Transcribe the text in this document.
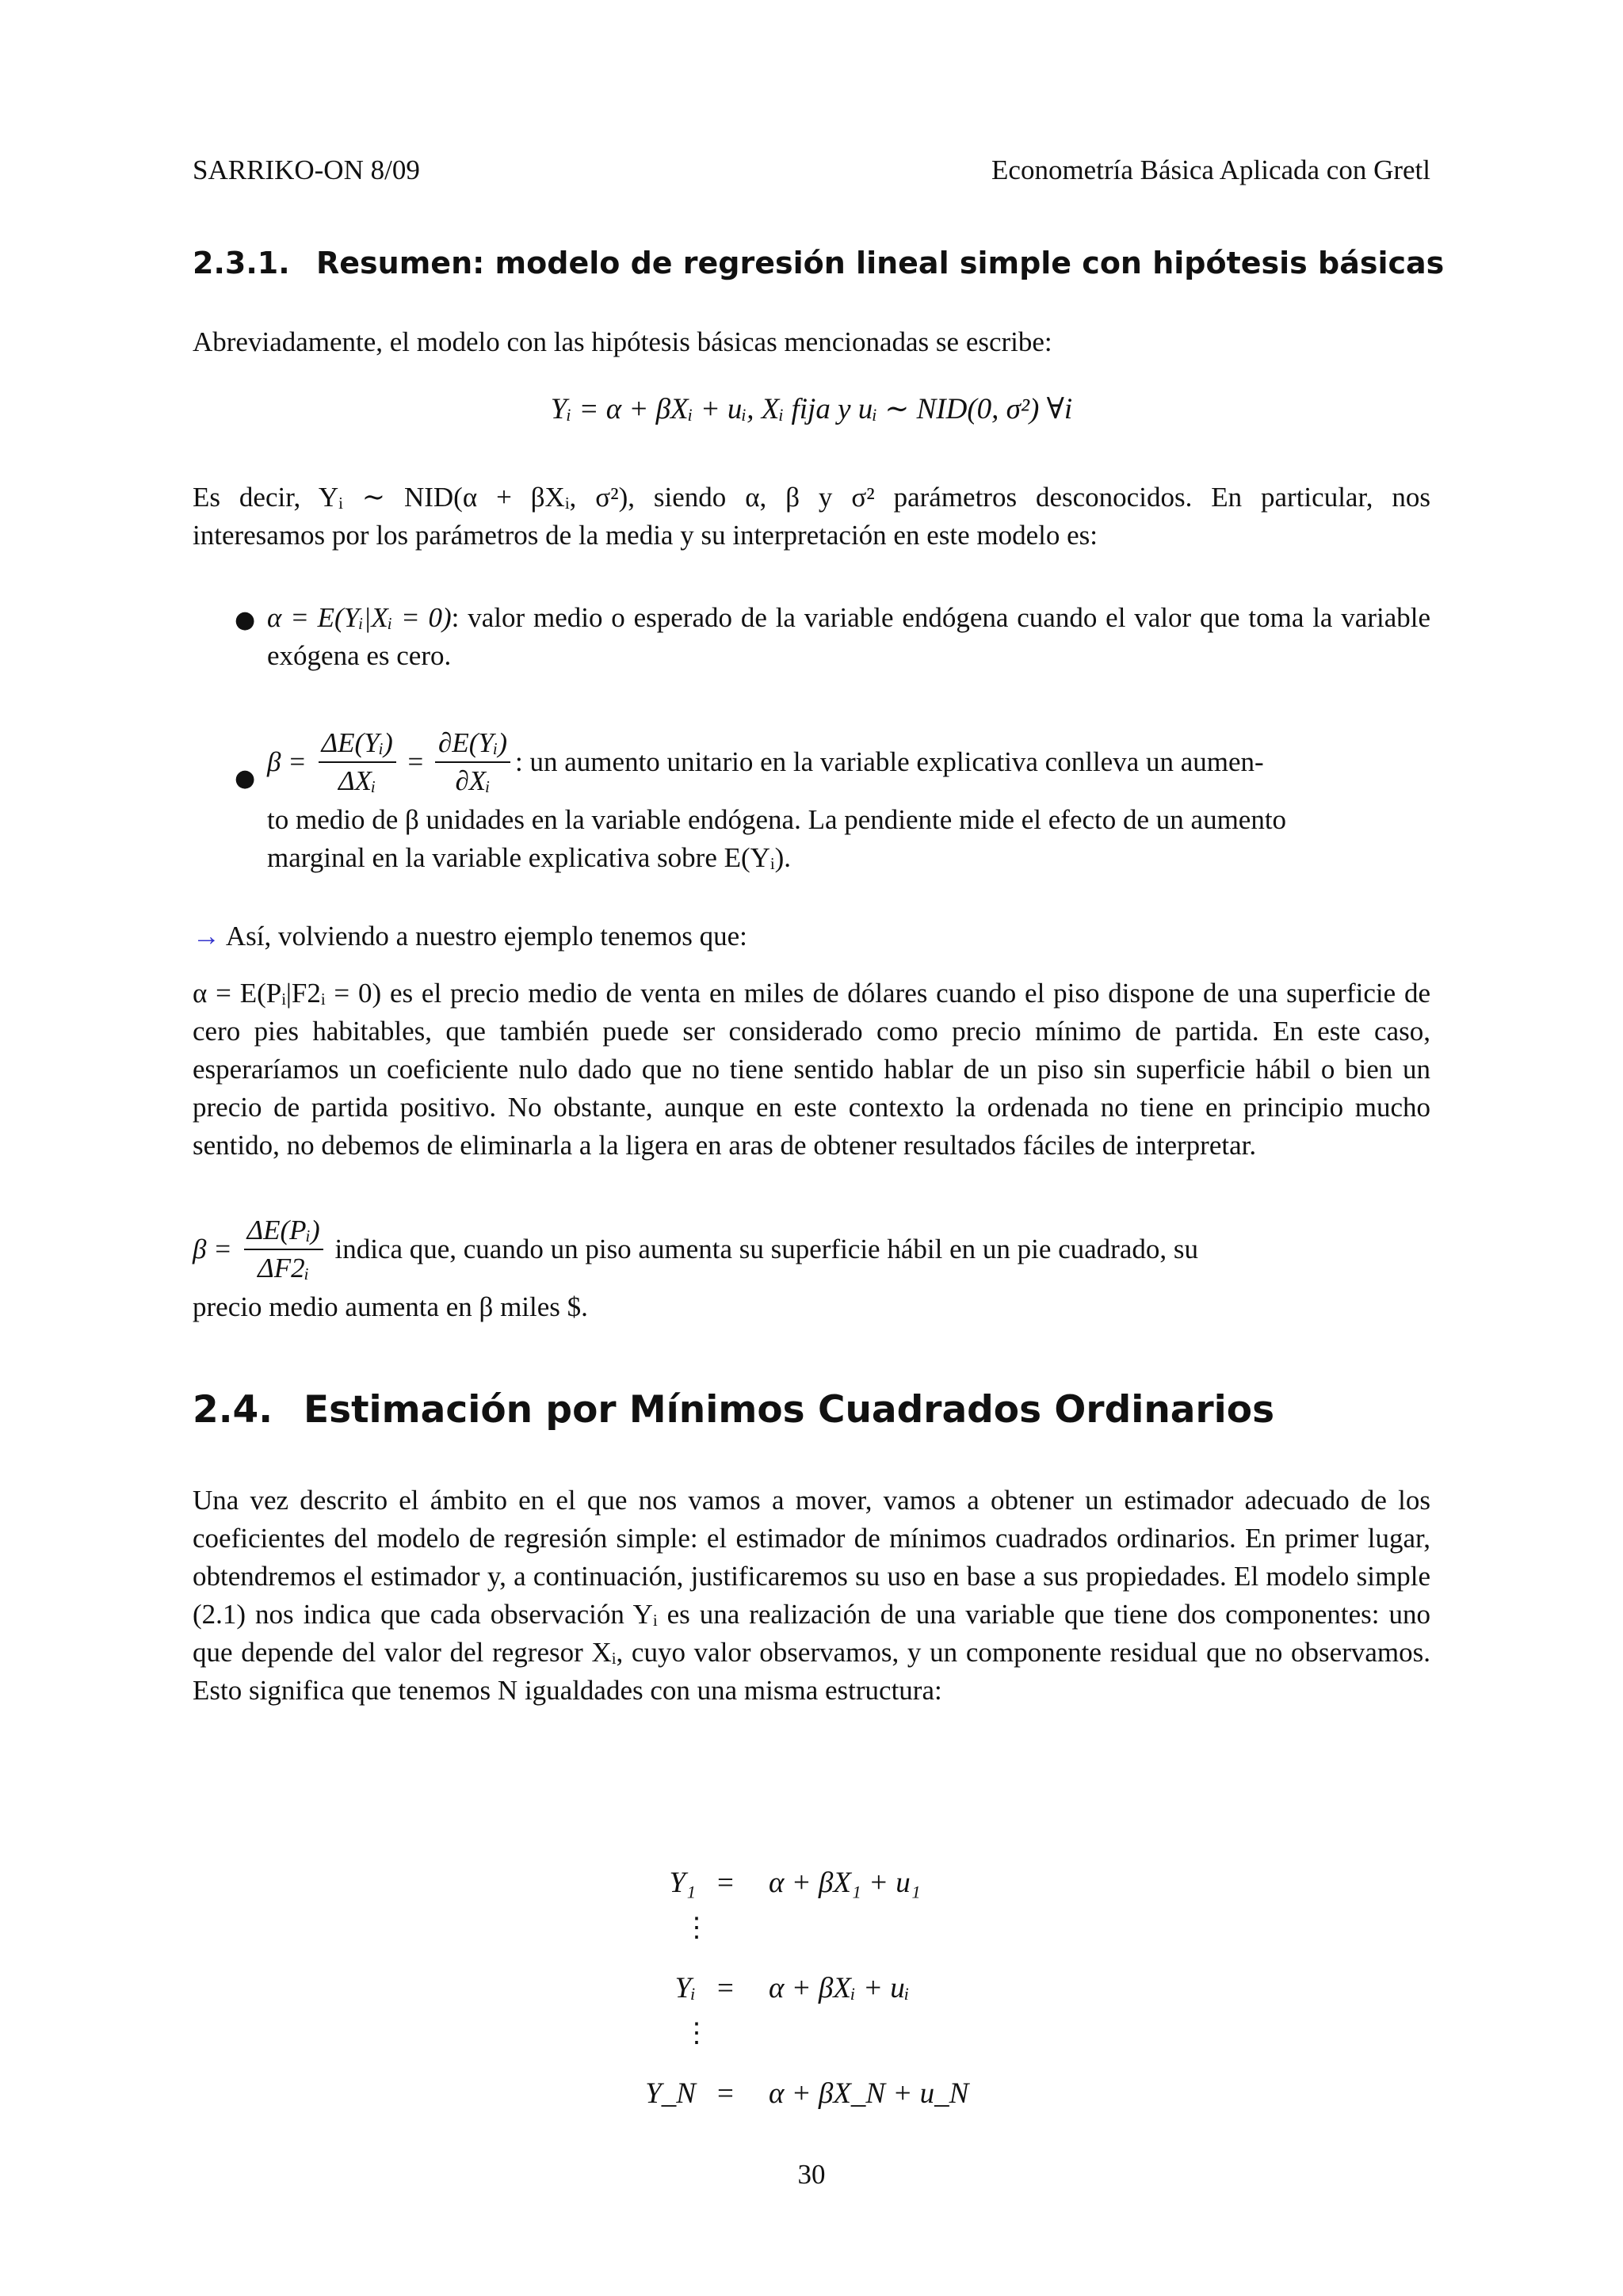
SARRIKO-ON 8/09	Econometría Básica Aplicada con Gretl
2.3.1. Resumen: modelo de regresión lineal simple con hipótesis básicas
Abreviadamente, el modelo con las hipótesis básicas mencionadas se escribe:
Yᵢ = α + βXᵢ + uᵢ, Xᵢ fija y uᵢ ∼ NID(0, σ²) ∀i
Es decir, Yᵢ ∼ NID(α + βXᵢ, σ²), siendo α, β y σ² parámetros desconocidos. En particular, nos
interesamos por los parámetros de la media y su interpretación en este modelo es:
● α = E(Yᵢ|Xᵢ = 0): valor medio o esperado de la variable endógena cuando el valor que toma la variable exógena es cero.
● $\beta = \frac{\text{ΔE(Yᵢ)}}{\text{ΔXᵢ}} = \frac{\text{∂E(Yᵢ)}}{\text{∂Xᵢ}}$ : un aumento unitario en la variable explicativa conlleva un aumen-
to medio de β unidades en la variable endógena. La pendiente mide el efecto de un aumento
marginal en la variable explicativa sobre E(Yᵢ).
→ Así, volviendo a nuestro ejemplo tenemos que:
α = E(Pᵢ|F2ᵢ = 0) es el precio medio de venta en miles de dólares cuando el piso dispone de una superficie de cero pies habitables, que también puede ser considerado como precio mínimo de partida. En este caso, esperaríamos un coeficiente nulo dado que no tiene sentido hablar de un piso sin superficie hábil o bien un precio de partida positivo. No obstante, aunque en este contexto la ordenada no tiene en principio mucho sentido, no debemos de eliminarla a la ligera en aras de obtener resultados fáciles de interpretar.
$\beta = \frac{\text{ΔE(Pᵢ)}}{\text{ΔF2ᵢ}}$ indica que, cuando un piso aumenta su superficie hábil en un pie cuadrado, su
precio medio aumenta en β miles $.
2.4. Estimación por Mínimos Cuadrados Ordinarios
Una vez descrito el ámbito en el que nos vamos a mover, vamos a obtener un estimador adecuado de los coeficientes del modelo de regresión simple: el estimador de mínimos cuadrados ordinarios. En primer lugar, obtendremos el estimador y, a continuación, justificaremos su uso en base a sus propiedades. El modelo simple (2.1) nos indica que cada observación Yᵢ es una realización de una variable que tiene dos componentes: uno que depende del valor del regresor Xᵢ, cuyo valor observamos, y un componente residual que no observamos. Esto significa que tenemos N igualdades con una misma estructura:
Y₁ = α + βX₁ + u₁
⋮
Yᵢ = α + βXᵢ + uᵢ
⋮
Y_N = α + βX_N + u_N
30
